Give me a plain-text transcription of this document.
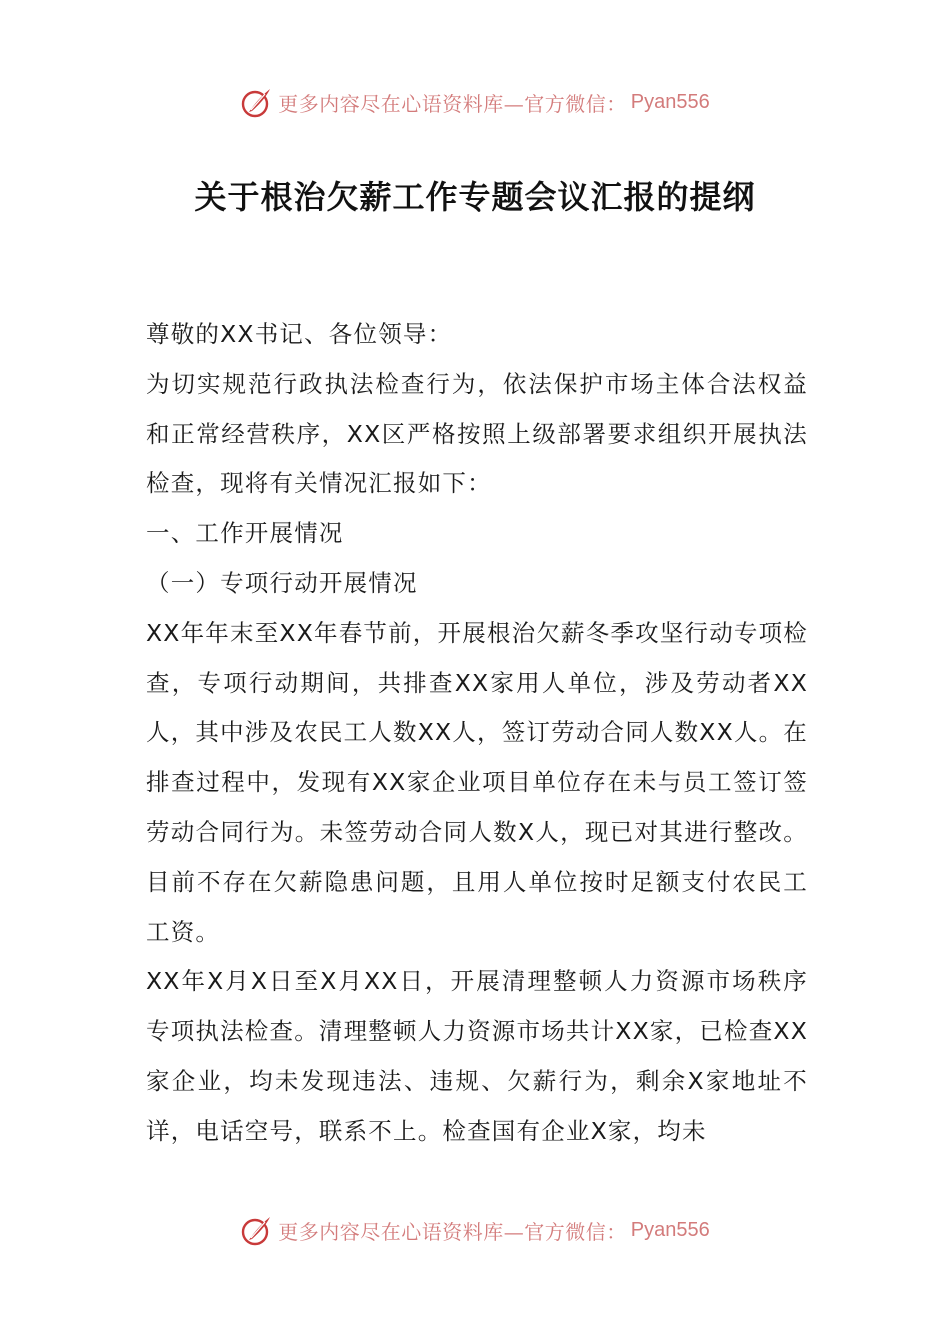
更多内容尽在心语资料库—官方微信： Pyan556
关于根治欠薪工作专题会议汇报的提纲

尊敬的XX书记、各位领导：

为切实规范行政执法检查行为，依法保护市场主体合法权益和正常经营秩序，XX区严格按照上级部署要求组织开展执法检查，现将有关情况汇报如下：

一、工作开展情况

（一）专项行动开展情况

XX年年末至XX年春节前，开展根治欠薪冬季攻坚行动专项检查，专项行动期间，共排查XX家用人单位，涉及劳动者XX人，其中涉及农民工人数XX人，签订劳动合同人数XX人。在排查过程中，发现有XX家企业项目单位存在未与员工签订签劳动合同行为。未签劳动合同人数X人，现已对其进行整改。目前不存在欠薪隐患问题，且用人单位按时足额支付农民工工资。

XX年X月X日至X月XX日，开展清理整顿人力资源市场秩序专项执法检查。清理整顿人力资源市场共计XX家，已检查XX家企业，均未发现违法、违规、欠薪行为，剩余X家地址不详，电话空号，联系不上。检查国有企业X家，均未

更多内容尽在心语资料库—官方微信： Pyan556
